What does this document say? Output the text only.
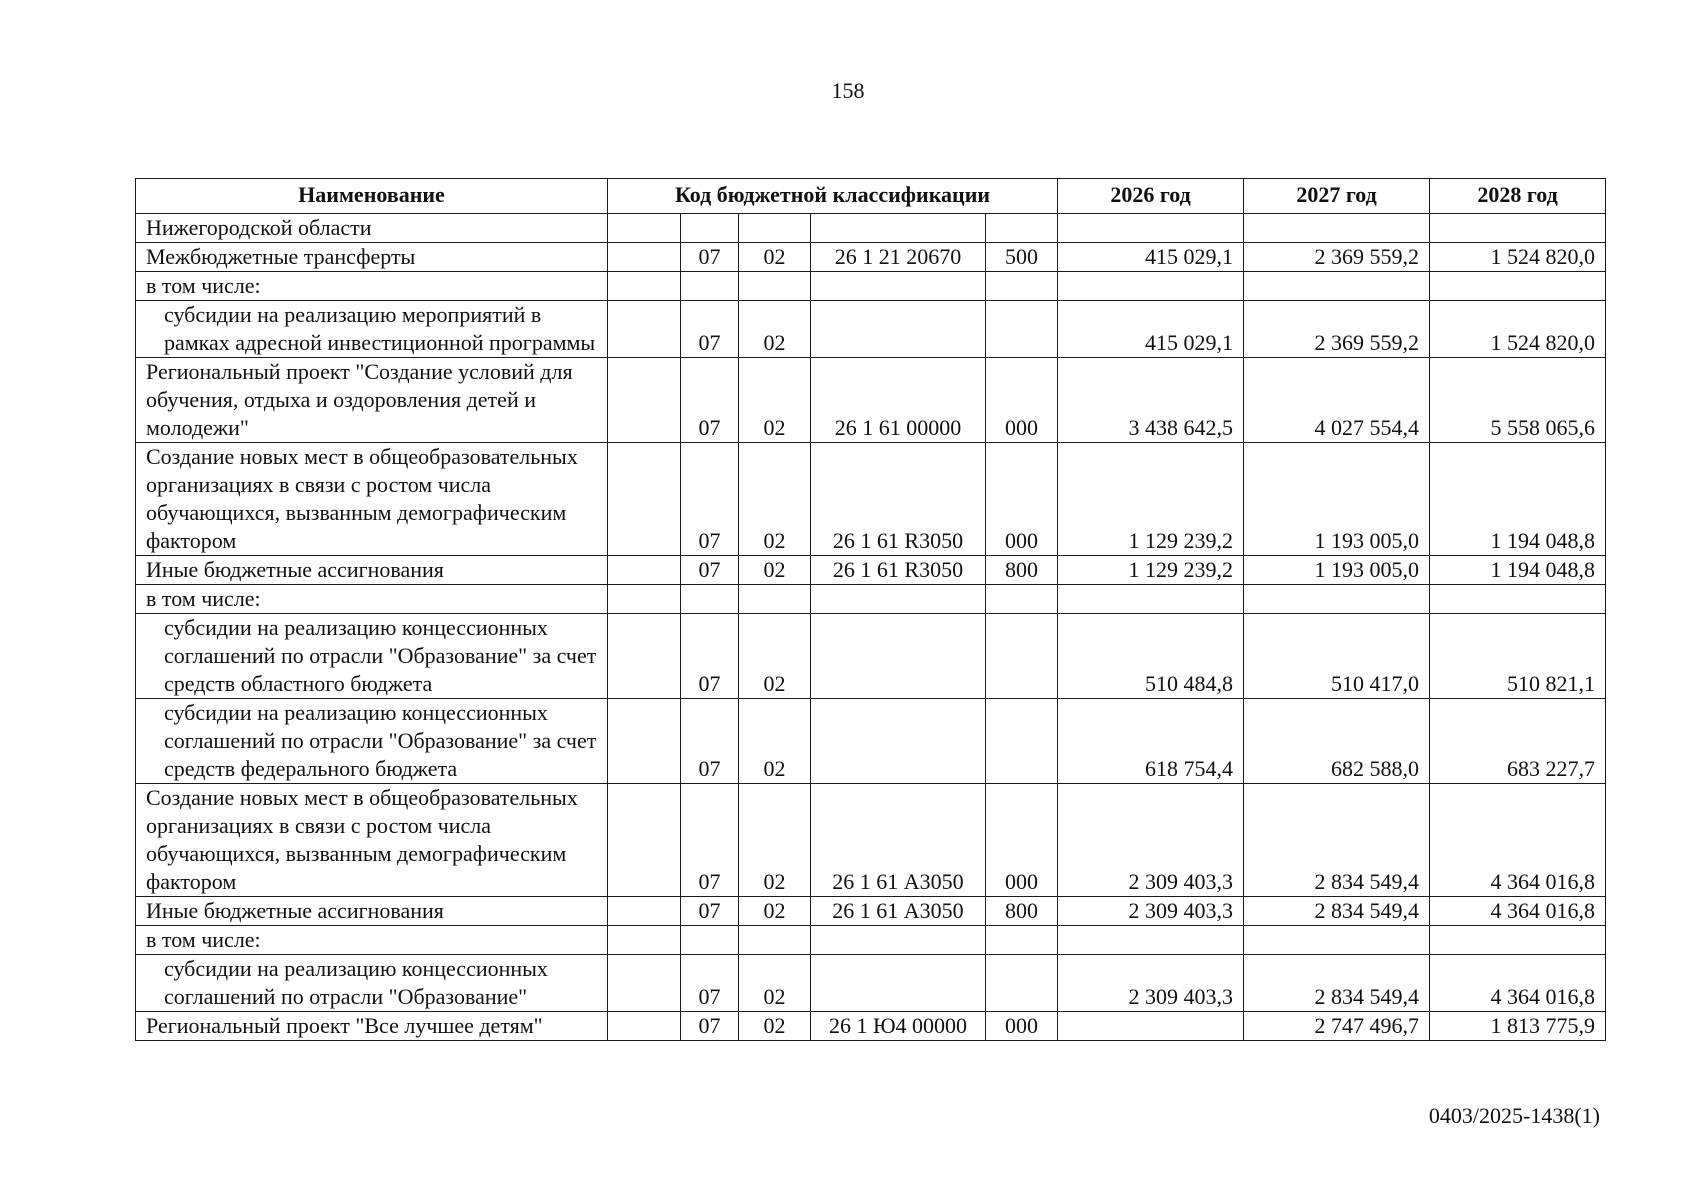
158
Наименование	Код бюджетной классификации					2026 год	2027 год	2028 год
Нижегородской области								
Межбюджетные трансферты		07	02	26 1 21 20670	500	415 029,1	2 369 559,2	1 524 820,0
в том числе:								
субсидии на реализацию мероприятий в рамках адресной инвестиционной программы		07	02			415 029,1	2 369 559,2	1 524 820,0
Региональный проект "Создание условий для обучения, отдыха и оздоровления детей и молодежи"		07	02	26 1 61 00000	000	3 438 642,5	4 027 554,4	5 558 065,6
Создание новых мест в общеобразовательных организациях в связи с ростом числа обучающихся, вызванным демографическим фактором		07	02	26 1 61 R3050	000	1 129 239,2	1 193 005,0	1 194 048,8
Иные бюджетные ассигнования		07	02	26 1 61 R3050	800	1 129 239,2	1 193 005,0	1 194 048,8
в том числе:								
субсидии на реализацию концессионных соглашений по отрасли "Образование" за счет средств областного бюджета		07	02			510 484,8	510 417,0	510 821,1
субсидии на реализацию концессионных соглашений по отрасли "Образование" за счет средств федерального бюджета		07	02			618 754,4	682 588,0	683 227,7
Создание новых мест в общеобразовательных организациях в связи с ростом числа обучающихся, вызванным демографическим фактором		07	02	26 1 61 А3050	000	2 309 403,3	2 834 549,4	4 364 016,8
Иные бюджетные ассигнования		07	02	26 1 61 А3050	800	2 309 403,3	2 834 549,4	4 364 016,8
в том числе:								
субсидии на реализацию концессионных соглашений по отрасли "Образование"		07	02			2 309 403,3	2 834 549,4	4 364 016,8
Региональный проект "Все лучшее детям"		07	02	26 1 Ю4 00000	000		2 747 496,7	1 813 775,9
0403/2025-1438(1)
